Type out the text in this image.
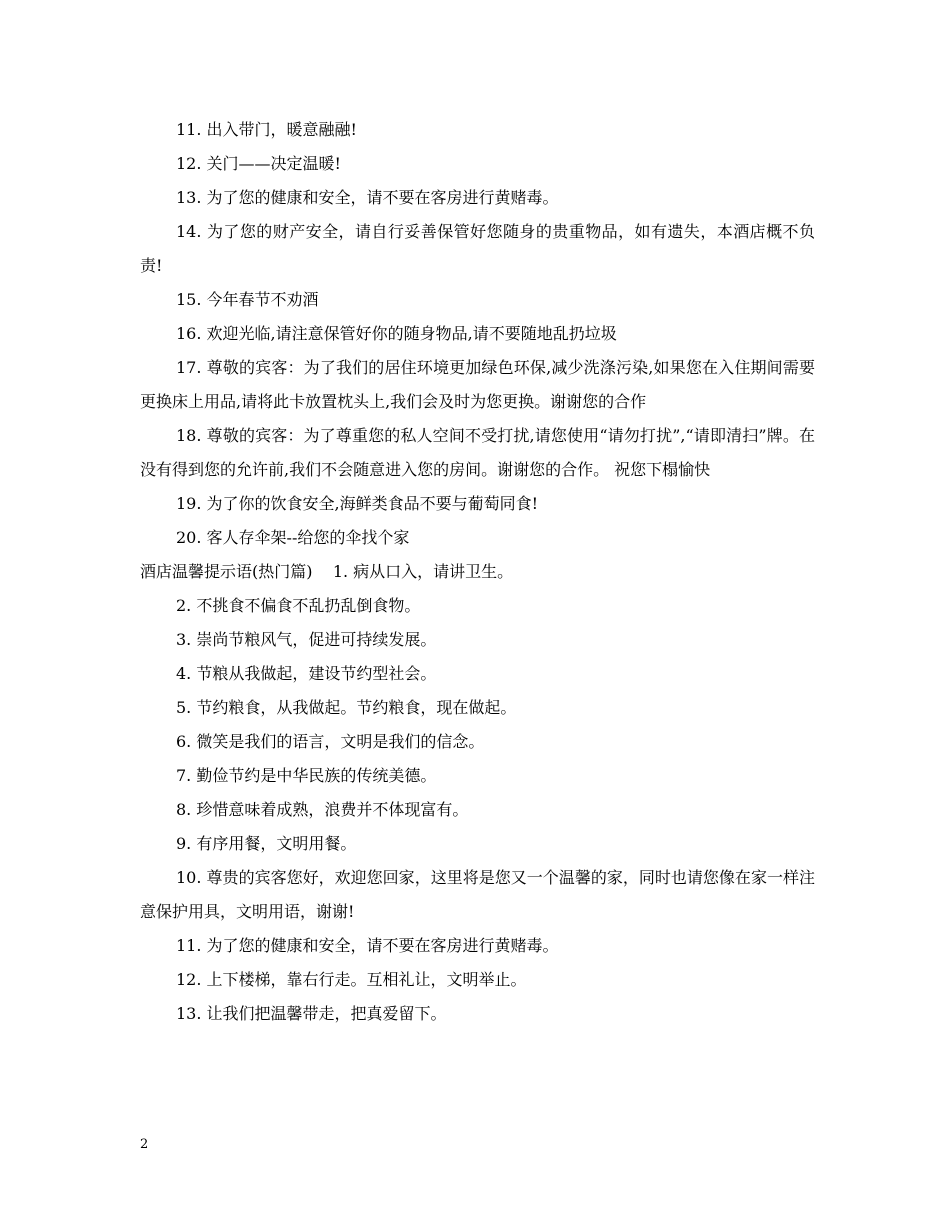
11. 出入带门，暖意融融!

12. 关门——决定温暖!

13. 为了您的健康和安全，请不要在客房进行黄赌毒。

14. 为了您的财产安全，请自行妥善保管好您随身的贵重物品，如有遗失，本酒店概不负责!

15. 今年春节不劝酒

16. 欢迎光临,请注意保管好你的随身物品,请不要随地乱扔垃圾

17. 尊敬的宾客：为了我们的居住环境更加绿色环保,减少洗涤污染,如果您在入住期间需要更换床上用品,请将此卡放置枕头上,我们会及时为您更换。谢谢您的合作

18. 尊敬的宾客：为了尊重您的私人空间不受打扰,请您使用“请勿打扰”,“请即清扫”牌。在没有得到您的允许前,我们不会随意进入您的房间。谢谢您的合作。 祝您下榻愉快

19. 为了你的饮食安全,海鲜类食品不要与葡萄同食!

20. 客人存伞架--给您的伞找个家

酒店温馨提示语(热门篇)    1. 病从口入，请讲卫生。

2. 不挑食不偏食不乱扔乱倒食物。

3. 崇尚节粮风气，促进可持续发展。

4. 节粮从我做起，建设节约型社会。

5. 节约粮食，从我做起。节约粮食，现在做起。

6. 微笑是我们的语言，文明是我们的信念。

7. 勤俭节约是中华民族的传统美德。

8. 珍惜意味着成熟，浪费并不体现富有。

9. 有序用餐，文明用餐。

10. 尊贵的宾客您好，欢迎您回家，这里将是您又一个温馨的家，同时也请您像在家一样注意保护用具，文明用语，谢谢!

11. 为了您的健康和安全，请不要在客房进行黄赌毒。

12. 上下楼梯，靠右行走。互相礼让，文明举止。

13. 让我们把温馨带走，把真爱留下。

2
